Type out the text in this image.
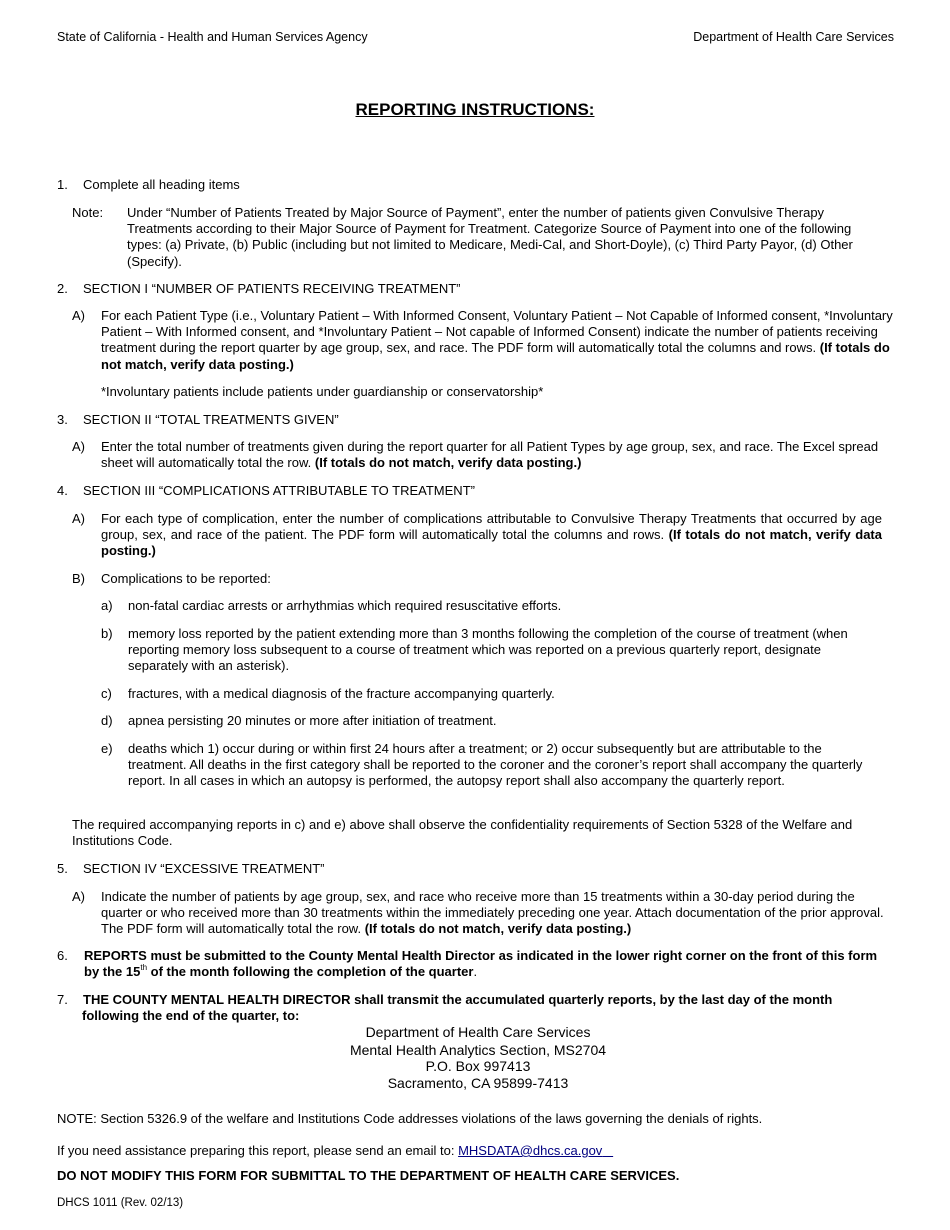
State of California - Health and Human Services Agency	Department of Health Care Services
REPORTING INSTRUCTIONS:
1. Complete all heading items
Note: Under “Number of Patients Treated by Major Source of Payment”, enter the number of patients given Convulsive Therapy Treatments according to their Major Source of Payment for Treatment. Categorize Source of Payment into one of the following types: (a) Private, (b) Public (including but not limited to Medicare, Medi-Cal, and Short-Doyle), (c) Third Party Payor, (d) Other (Specify).
2. SECTION I “NUMBER OF PATIENTS RECEIVING TREATMENT”
A) For each Patient Type (i.e., Voluntary Patient – With Informed Consent, Voluntary Patient – Not Capable of Informed consent, *Involuntary Patient – With Informed consent, and *Involuntary Patient – Not capable of Informed Consent) indicate the number of patients receiving treatment during the report quarter by age group, sex, and race. The PDF form will automatically total the columns and rows. (If totals do not match, verify data posting.)
*Involuntary patients include patients under guardianship or conservatorship*
3. SECTION II “TOTAL TREATMENTS GIVEN”
A) Enter the total number of treatments given during the report quarter for all Patient Types by age group, sex, and race. The Excel spread sheet will automatically total the row. (If totals do not match, verify data posting.)
4. SECTION III “COMPLICATIONS ATTRIBUTABLE TO TREATMENT”
A) For each type of complication, enter the number of complications attributable to Convulsive Therapy Treatments that occurred by age group, sex, and race of the patient. The PDF form will automatically total the columns and rows. (If totals do not match, verify data posting.)
B) Complications to be reported:
a) non-fatal cardiac arrests or arrhythmias which required resuscitative efforts.
b) memory loss reported by the patient extending more than 3 months following the completion of the course of treatment (when reporting memory loss subsequent to a course of treatment which was reported on a previous quarterly report, designate separately with an asterisk).
c) fractures, with a medical diagnosis of the fracture accompanying quarterly.
d) apnea persisting 20 minutes or more after initiation of treatment.
e) deaths which 1) occur during or within first 24 hours after a treatment; or 2) occur subsequently but are attributable to the treatment. All deaths in the first category shall be reported to the coroner and the coroner’s report shall accompany the quarterly report. In all cases in which an autopsy is performed, the autopsy report shall also accompany the quarterly report.
The required accompanying reports in c) and e) above shall observe the confidentiality requirements of Section 5328 of the Welfare and Institutions Code.
5. SECTION IV “EXCESSIVE TREATMENT”
A) Indicate the number of patients by age group, sex, and race who receive more than 15 treatments within a 30-day period during the quarter or who received more than 30 treatments within the immediately preceding one year. Attach documentation of the prior approval. The PDF form will automatically total the row. (If totals do not match, verify data posting.)
6. REPORTS must be submitted to the County Mental Health Director as indicated in the lower right corner on the front of this form by the 15th of the month following the completion of the quarter.
7. THE COUNTY MENTAL HEALTH DIRECTOR shall transmit the accumulated quarterly reports, by the last day of the month following the end of the quarter, to:
Department of Health Care Services
Mental Health Analytics Section, MS2704
P.O. Box 997413
Sacramento, CA 95899-7413
NOTE: Section 5326.9 of the welfare and Institutions Code addresses violations of the laws governing the denials of rights.
If you need assistance preparing this report, please send an email to: MHSDATA@dhcs.ca.gov
DO NOT MODIFY THIS FORM FOR SUBMITTAL TO THE DEPARTMENT OF HEALTH CARE SERVICES.
DHCS 1011 (Rev. 02/13)
